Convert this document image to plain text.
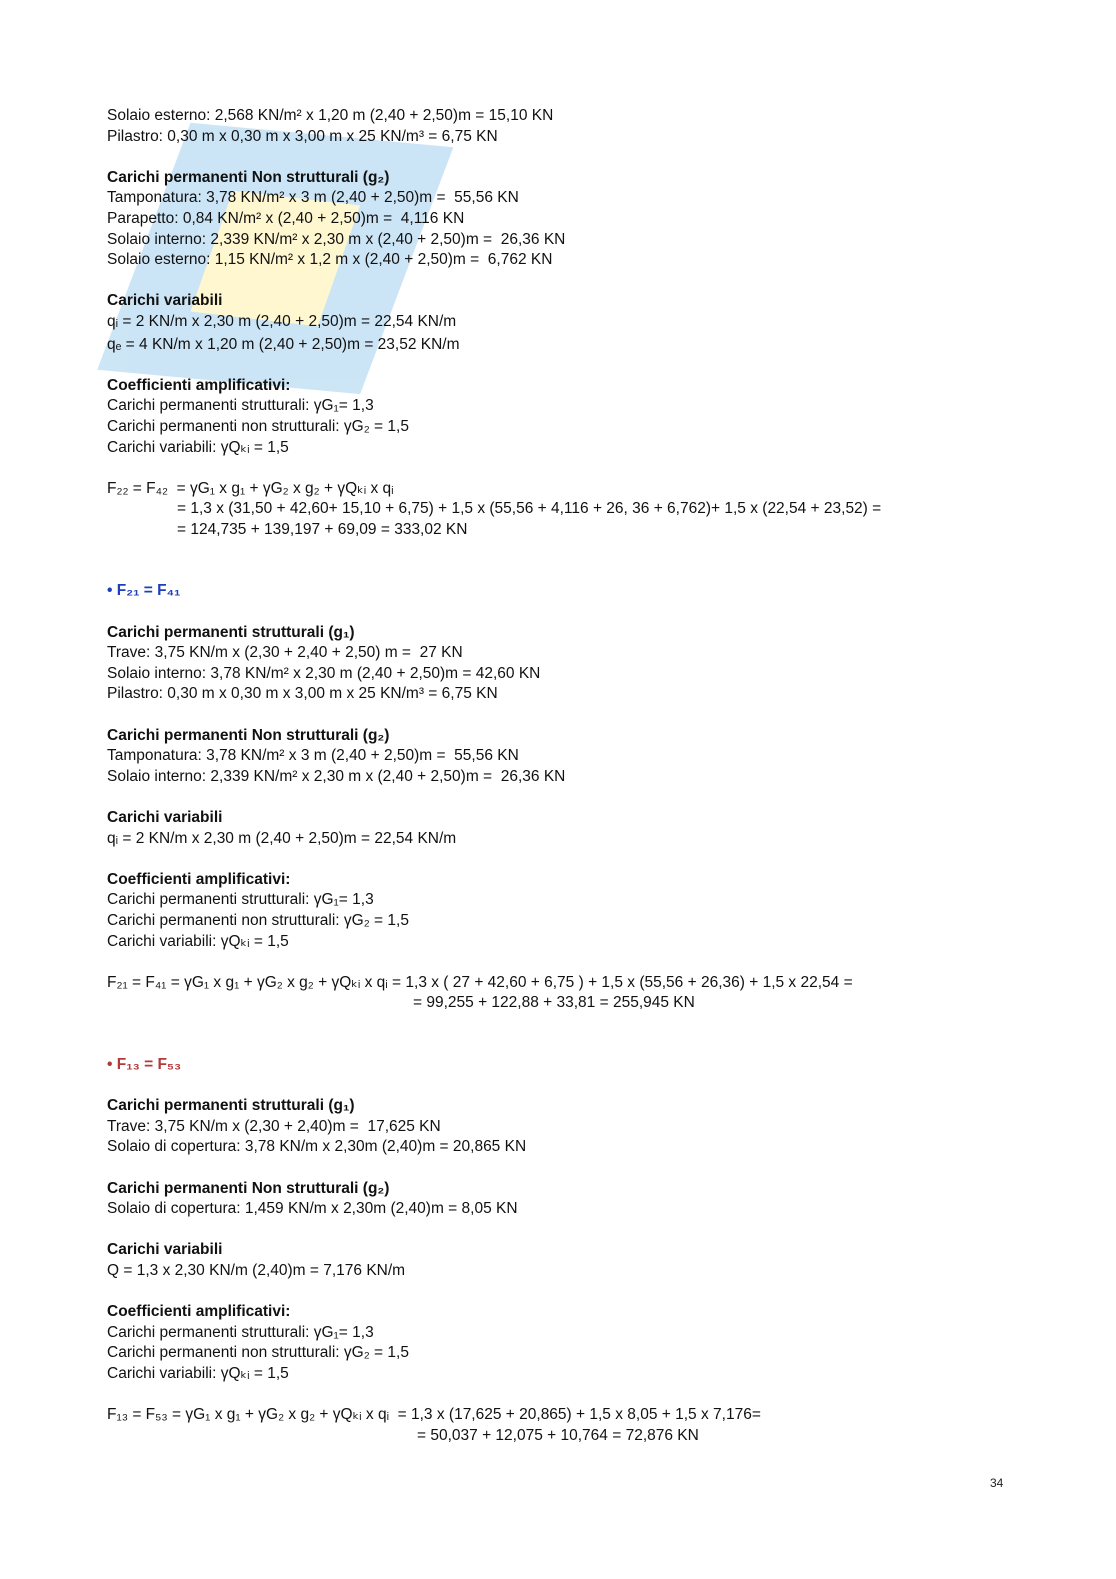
Solaio esterno: 2,568 KN/m² x 1,20 m (2,40 + 2,50)m = 15,10 KN
Pilastro: 0,30 m x 0,30 m x 3,00 m x 25 KN/m³ = 6,75 KN
Carichi permanenti Non strutturali (g₂)
Tamponatura: 3,78 KN/m² x 3 m (2,40 + 2,50)m =  55,56 KN
Parapetto: 0,84 KN/m² x (2,40 + 2,50)m =  4,116 KN
Solaio interno: 2,339 KN/m² x 2,30 m x (2,40 + 2,50)m =  26,36 KN
Solaio esterno: 1,15 KN/m² x 1,2 m x (2,40 + 2,50)m =  6,762 KN
Carichi variabili
qᵢ = 2 KN/m x 2,30 m (2,40 + 2,50)m = 22,54 KN/m
qₑ = 4 KN/m x 1,20 m (2,40 + 2,50)m = 23,52 KN/m
Coefficienti amplificativi:
Carichi permanenti strutturali: γG₁= 1,3
Carichi permanenti non strutturali: γG₂ = 1,5
Carichi variabili: γQₖᵢ = 1,5
F₂₂ = F₄₂  = γG₁ x g₁ + γG₂ x g₂ + γQₖᵢ x qᵢ
= 1,3 x (31,50 + 42,60+ 15,10 + 6,75) + 1,5 x (55,56 + 4,116 + 26, 36 + 6,762)+ 1,5 x (22,54 + 23,52) =
= 124,735 + 139,197 + 69,09 = 333,02 KN
• F₂₁ = F₄₁
Carichi permanenti strutturali (g₁)
Trave: 3,75 KN/m x (2,30 + 2,40 + 2,50) m =  27 KN
Solaio interno: 3,78 KN/m² x 2,30 m (2,40 + 2,50)m = 42,60 KN
Pilastro: 0,30 m x 0,30 m x 3,00 m x 25 KN/m³ = 6,75 KN
Carichi permanenti Non strutturali (g₂)
Tamponatura: 3,78 KN/m² x 3 m (2,40 + 2,50)m =  55,56 KN
Solaio interno: 2,339 KN/m² x 2,30 m x (2,40 + 2,50)m =  26,36 KN
Carichi variabili
qᵢ = 2 KN/m x 2,30 m (2,40 + 2,50)m = 22,54 KN/m
Coefficienti amplificativi:
Carichi permanenti strutturali: γG₁= 1,3
Carichi permanenti non strutturali: γG₂ = 1,5
Carichi variabili: γQₖᵢ = 1,5
F₂₁ = F₄₁ = γG₁ x g₁ + γG₂ x g₂ + γQₖᵢ x qᵢ = 1,3 x ( 27 + 42,60 + 6,75 ) + 1,5 x (55,56 + 26,36) + 1,5 x 22,54 =
= 99,255 + 122,88 + 33,81 = 255,945 KN
• F₁₃ = F₅₃
Carichi permanenti strutturali (g₁)
Trave: 3,75 KN/m x (2,30 + 2,40)m =  17,625 KN
Solaio di copertura: 3,78 KN/m x 2,30m (2,40)m = 20,865 KN
Carichi permanenti Non strutturali (g₂)
Solaio di copertura: 1,459 KN/m x 2,30m (2,40)m = 8,05 KN
Carichi variabili
Q = 1,3 x 2,30 KN/m (2,40)m = 7,176 KN/m
Coefficienti amplificativi:
Carichi permanenti strutturali: γG₁= 1,3
Carichi permanenti non strutturali: γG₂ = 1,5
Carichi variabili: γQₖᵢ = 1,5
F₁₃ = F₅₃ = γG₁ x g₁ + γG₂ x g₂ + γQₖᵢ x qᵢ  = 1,3 x (17,625 + 20,865) + 1,5 x 8,05 + 1,5 x 7,176=
= 50,037 + 12,075 + 10,764 = 72,876 KN
34
